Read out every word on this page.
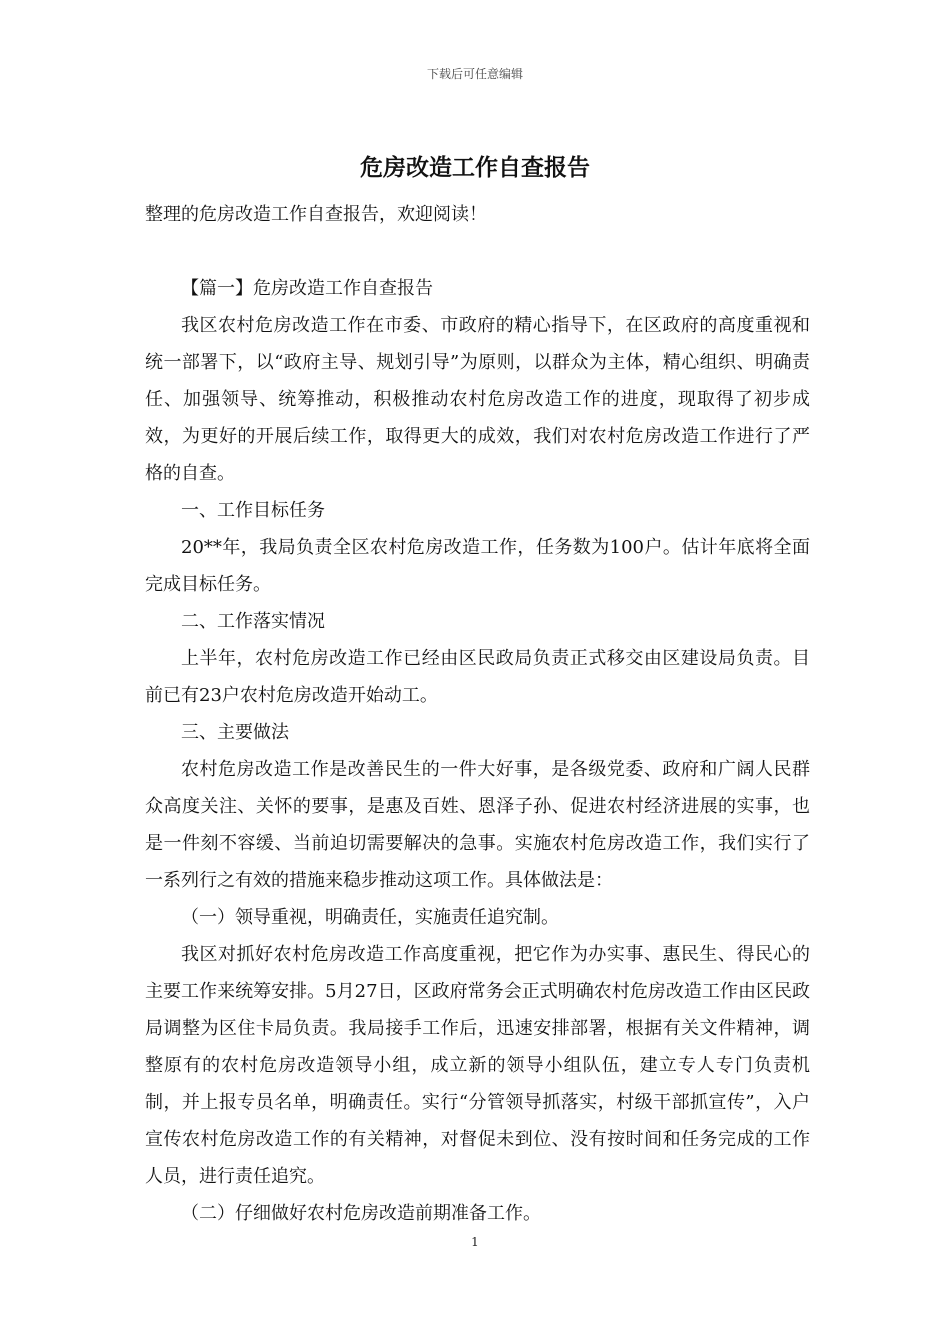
下载后可任意编辑
危房改造工作自查报告

整理的危房改造工作自查报告，欢迎阅读！

【篇一】危房改造工作自查报告

我区农村危房改造工作在市委、市政府的精心指导下，在区政府的高度重视和统一部署下，以“政府主导、规划引导”为原则，以群众为主体，精心组织、明确责任、加强领导、统筹推动，积极推动农村危房改造工作的进度，现取得了初步成效，为更好的开展后续工作，取得更大的成效，我们对农村危房改造工作进行了严格的自查。

一、工作目标任务

20**年，我局负责全区农村危房改造工作，任务数为100户。估计年底将全面完成目标任务。

二、工作落实情况

上半年，农村危房改造工作已经由区民政局负责正式移交由区建设局负责。目前已有23户农村危房改造开始动工。

三、主要做法

农村危房改造工作是改善民生的一件大好事，是各级党委、政府和广阔人民群众高度关注、关怀的要事，是惠及百姓、恩泽子孙、促进农村经济进展的实事，也是一件刻不容缓、当前迫切需要解决的急事。实施农村危房改造工作，我们实行了一系列行之有效的措施来稳步推动这项工作。具体做法是：

（一）领导重视，明确责任，实施责任追究制。

我区对抓好农村危房改造工作高度重视，把它作为办实事、惠民生、得民心的主要工作来统筹安排。5月27日，区政府常务会正式明确农村危房改造工作由区民政局调整为区住卡局负责。我局接手工作后，迅速安排部署，根据有关文件精神，调整原有的农村危房改造领导小组，成立新的领导小组队伍，建立专人专门负责机制，并上报专员名单，明确责任。实行“分管领导抓落实，村级干部抓宣传”，入户宣传农村危房改造工作的有关精神，对督促未到位、没有按时间和任务完成的工作人员，进行责任追究。

（二）仔细做好农村危房改造前期准备工作。

1
